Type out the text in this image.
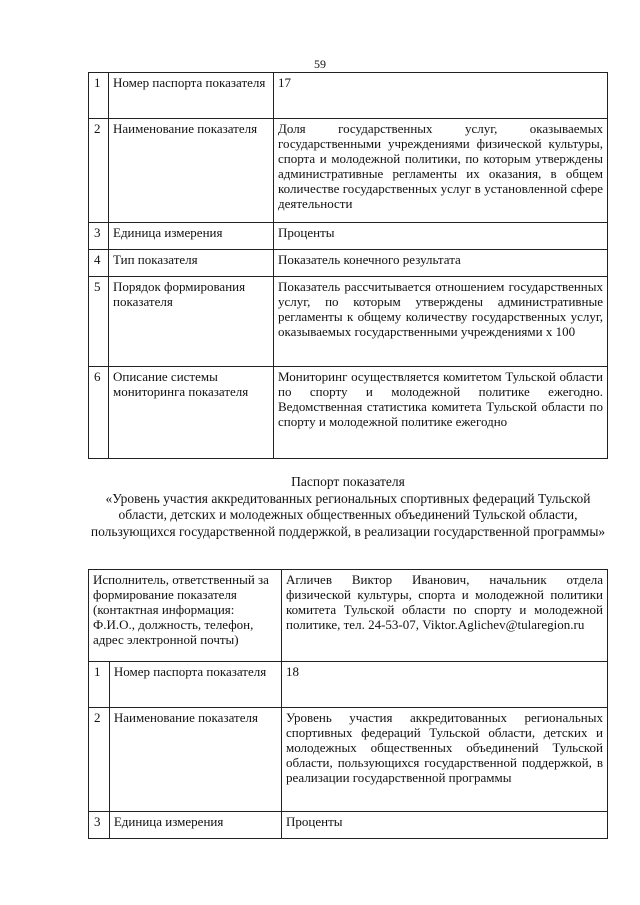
59
1	Номер паспорта показателя	17
2	Наименование показателя	Доля государственных услуг, оказываемых государственными учреждениями физической культуры, спорта и молодежной политики, по которым утверждены административные регламенты их оказания, в общем количестве государственных услуг в установленной сфере деятельности
3	Единица измерения	Проценты
4	Тип показателя	Показатель конечного результата
5	Порядок формирования показателя	Показатель рассчитывается отношением государственных услуг, по которым утверждены административные регламенты к общему количеству государственных услуг, оказываемых государственными учреждениями х 100
6	Описание системы мониторинга показателя	Мониторинг осуществляется комитетом Тульской области по спорту и молодежной политике ежегодно. Ведомственная статистика комитета Тульской области по спорту и молодежной политике ежегодно
Паспорт показателя
«Уровень участия аккредитованных региональных спортивных федераций Тульской области, детских и молодежных общественных объединений Тульской области, пользующихся государственной поддержкой, в реализации государственной программы»
Исполнитель, ответственный за формирование показателя (контактная информация: Ф.И.О., должность, телефон, адрес электронной почты)		Агличев Виктор Иванович, начальник отдела физической культуры, спорта и молодежной политики комитета Тульской области по спорту и молодежной политике, тел. 24-53-07, Viktor.Aglichev@tularegion.ru
1	Номер паспорта показателя	18
2	Наименование показателя	Уровень участия аккредитованных региональных спортивных федераций Тульской области, детских и молодежных общественных объединений Тульской области, пользующихся государственной поддержкой, в реализации государственной программы
3	Единица измерения	Проценты
